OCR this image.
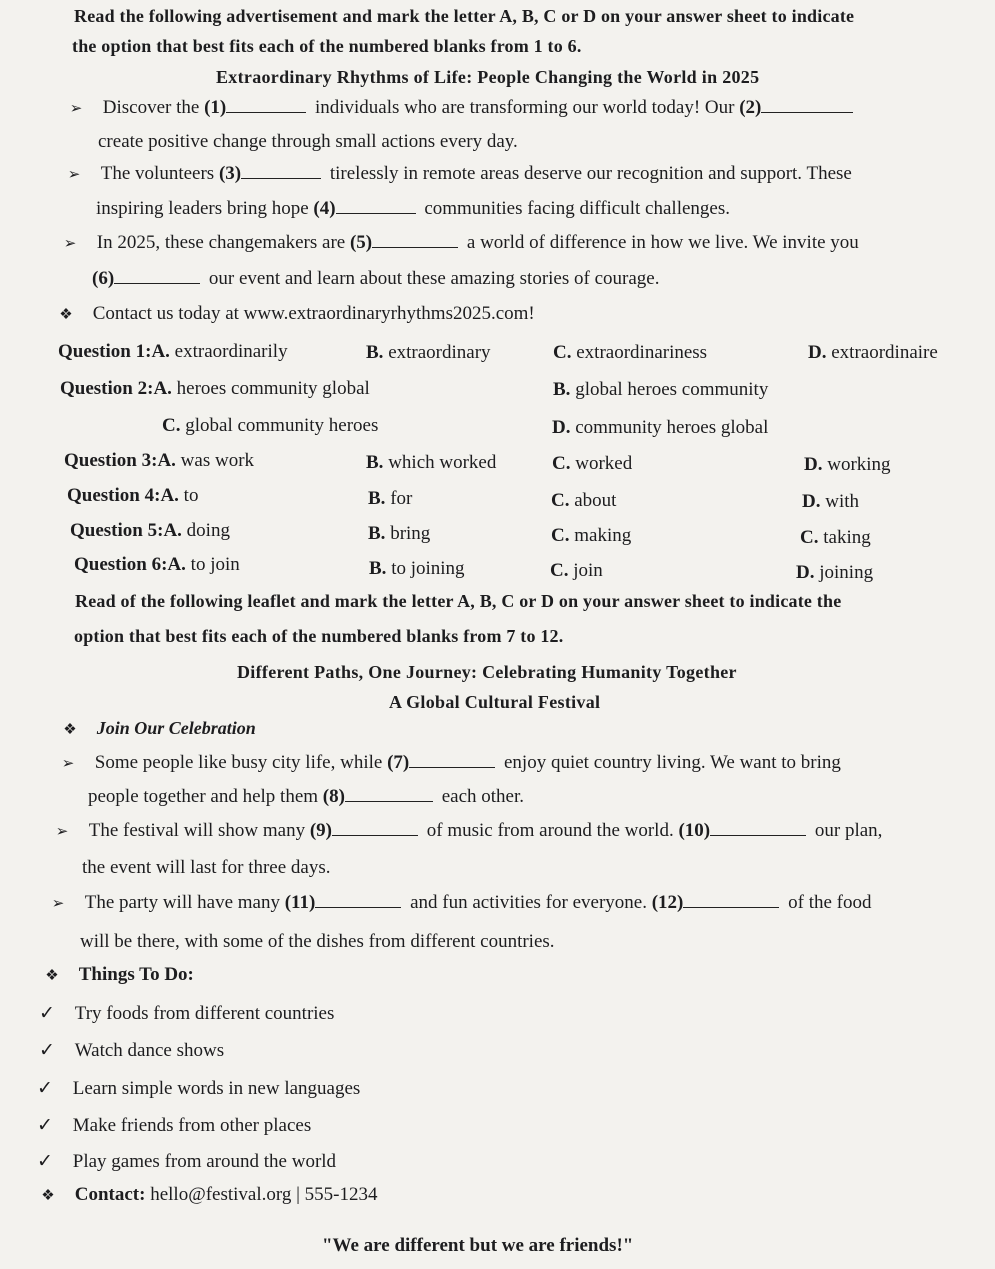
Read the following advertisement and mark the letter A, B, C or D on your answer sheet to indicate
the option that best fits each of the numbered blanks from 1 to 6.
Extraordinary Rhythms of Life: People Changing the World in 2025
➢ Discover the (1)	individuals who are transforming our world today! Our (2)
create positive change through small actions every day.
➢ The volunteers (3)	tirelessly in remote areas deserve our recognition and support. These
inspiring leaders bring hope (4)	communities facing difficult challenges.
➢ In 2025, these changemakers are (5)	a world of difference in how we live. We invite you
(6)	our event and learn about these amazing stories of courage.
❖ Contact us today at www.extraordinaryrhythms2025.com!
Question 1:A. extraordinarily	B. extraordinary	C. extraordinariness	D. extraordinaire
Question 2:A. heroes community global	B. global heroes community
C. global community heroes	D. community heroes global
Question 3:A. was work	B. which worked	C. worked	D. working
Question 4:A. to	B. for	C. about	D. with
Question 5:A. doing	B. bring	C. making	C. taking
Question 6:A. to join	B. to joining	C. join	D. joining
Read of the following leaflet and mark the letter A, B, C or D on your answer sheet to indicate the
option that best fits each of the numbered blanks from 7 to 12.
Different Paths, One Journey: Celebrating Humanity Together
A Global Cultural Festival
❖ Join Our Celebration
➢ Some people like busy city life, while (7)	enjoy quiet country living. We want to bring
people together and help them (8)	each other.
➢ The festival will show many (9)	of music from around the world. (10)	our plan,
the event will last for three days.
➢ The party will have many (11)	and fun activities for everyone. (12)	of the food
will be there, with some of the dishes from different countries.
❖ Things To Do:
✓ Try foods from different countries
✓ Watch dance shows
✓ Learn simple words in new languages
✓ Make friends from other places
✓ Play games from around the world
❖ Contact: hello@festival.org | 555-1234
"We are different but we are friends!"
